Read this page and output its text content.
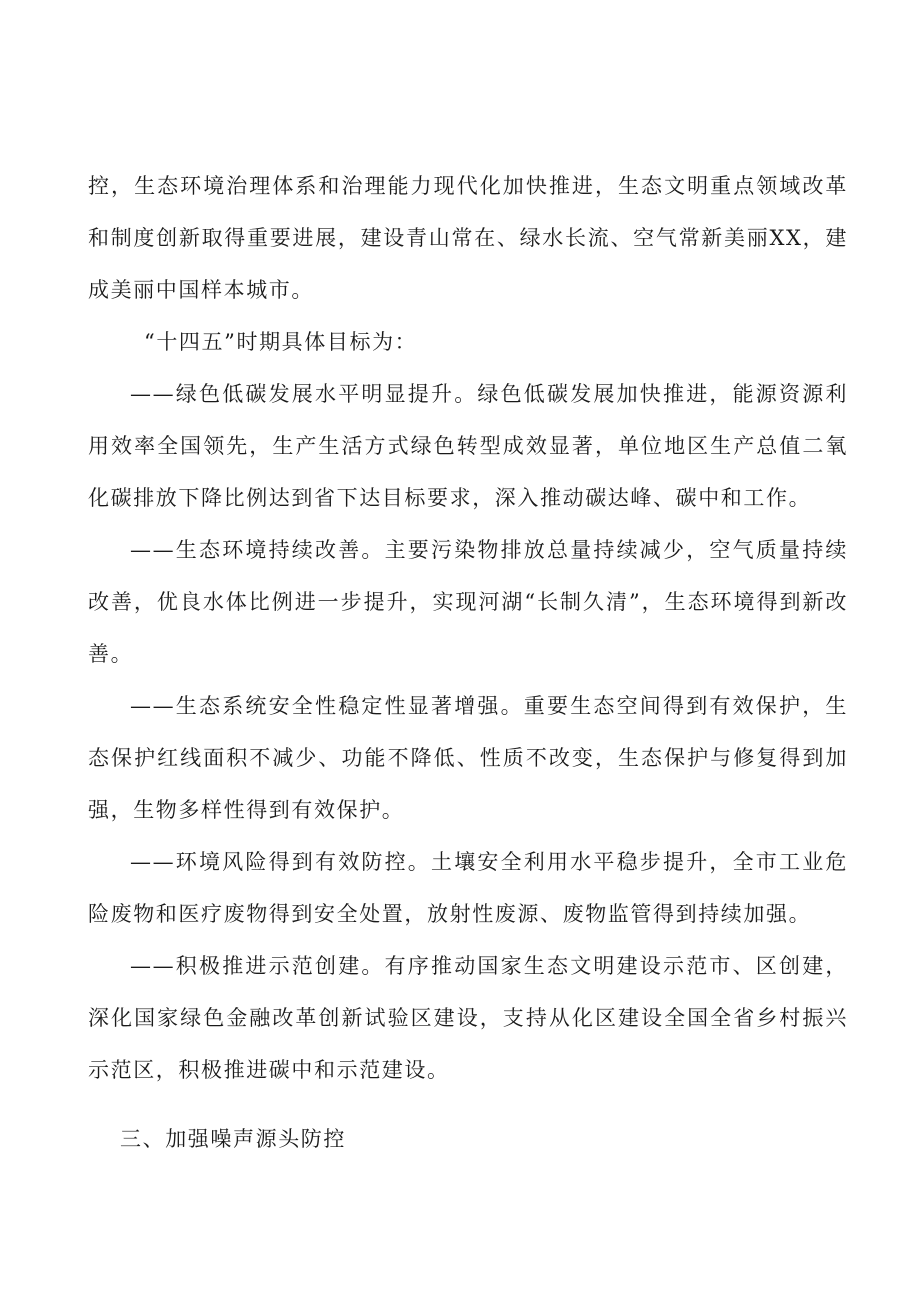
控，生态环境治理体系和治理能力现代化加快推进，生态文明重点领域改革和制度创新取得重要进展，建设青山常在、绿水长流、空气常新美丽XX，建成美丽中国样本城市。

“十四五”时期具体目标为：

——绿色低碳发展水平明显提升。绿色低碳发展加快推进，能源资源利用效率全国领先，生产生活方式绿色转型成效显著，单位地区生产总值二氧化碳排放下降比例达到省下达目标要求，深入推动碳达峰、碳中和工作。

——生态环境持续改善。主要污染物排放总量持续减少，空气质量持续改善，优良水体比例进一步提升，实现河湖“长制久清”，生态环境得到新改善。

——生态系统安全性稳定性显著增强。重要生态空间得到有效保护，生态保护红线面积不减少、功能不降低、性质不改变，生态保护与修复得到加强，生物多样性得到有效保护。

——环境风险得到有效防控。土壤安全利用水平稳步提升，全市工业危险废物和医疗废物得到安全处置，放射性废源、废物监管得到持续加强。

——积极推进示范创建。有序推动国家生态文明建设示范市、区创建，深化国家绿色金融改革创新试验区建设，支持从化区建设全国全省乡村振兴示范区，积极推进碳中和示范建设。

三、加强噪声源头防控
